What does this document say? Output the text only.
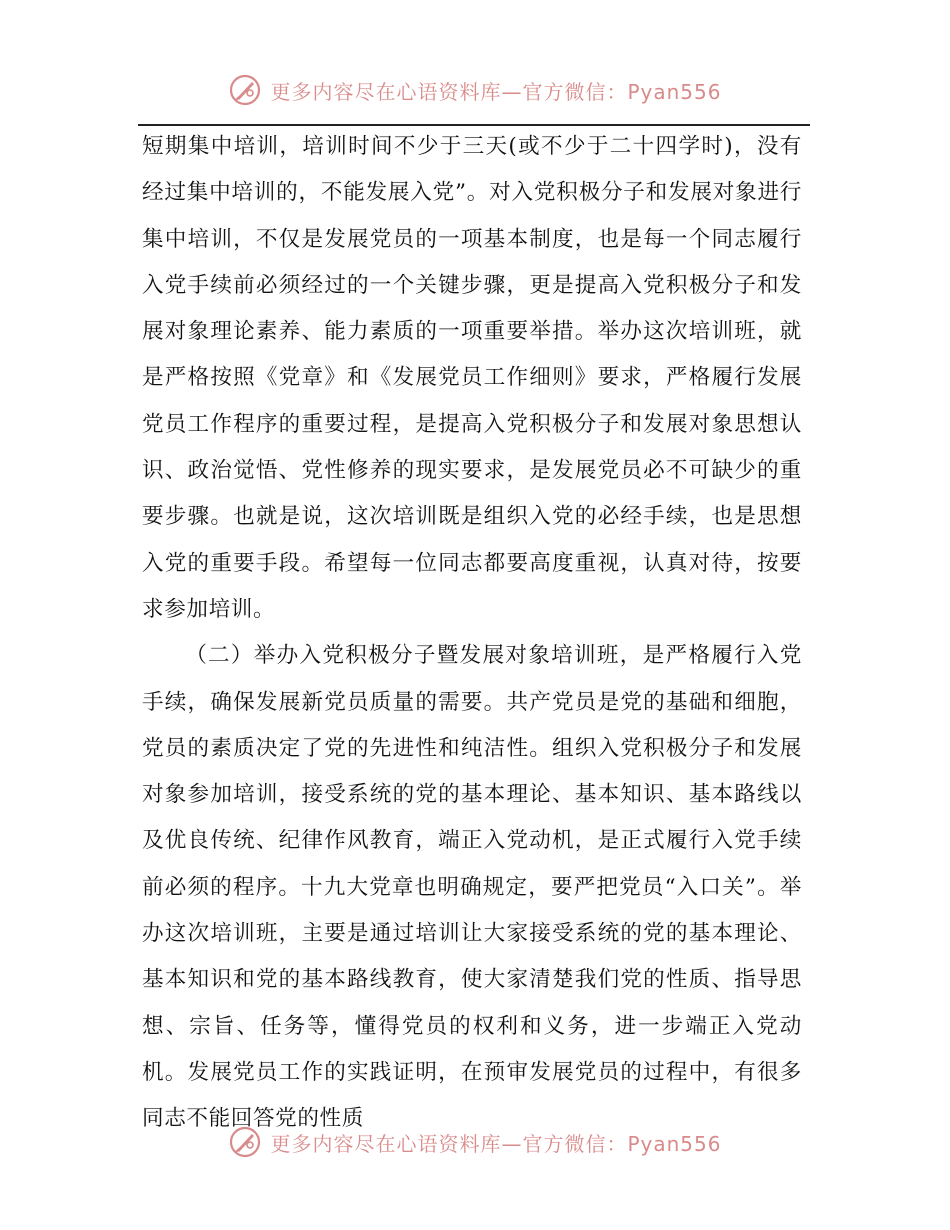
更多内容尽在心语资料库—官方微信：Pyan556

短期集中培训，培训时间不少于三天(或不少于二十四学时)，没有经过集中培训的，不能发展入党”。对入党积极分子和发展对象进行集中培训，不仅是发展党员的一项基本制度，也是每一个同志履行入党手续前必须经过的一个关键步骤，更是提高入党积极分子和发展对象理论素养、能力素质的一项重要举措。举办这次培训班，就是严格按照《党章》和《发展党员工作细则》要求，严格履行发展党员工作程序的重要过程，是提高入党积极分子和发展对象思想认识、政治觉悟、党性修养的现实要求，是发展党员必不可缺少的重要步骤。也就是说，这次培训既是组织入党的必经手续，也是思想入党的重要手段。希望每一位同志都要高度重视，认真对待，按要求参加培训。

（二）举办入党积极分子暨发展对象培训班，是严格履行入党手续，确保发展新党员质量的需要。共产党员是党的基础和细胞，党员的素质决定了党的先进性和纯洁性。组织入党积极分子和发展对象参加培训，接受系统的党的基本理论、基本知识、基本路线以及优良传统、纪律作风教育，端正入党动机，是正式履行入党手续前必须的程序。十九大党章也明确规定，要严把党员“入口关”。举办这次培训班，主要是通过培训让大家接受系统的党的基本理论、基本知识和党的基本路线教育，使大家清楚我们党的性质、指导思想、宗旨、任务等，懂得党员的权利和义务，进一步端正入党动机。发展党员工作的实践证明，在预审发展党员的过程中，有很多同志不能回答党的性质

更多内容尽在心语资料库—官方微信：Pyan556
